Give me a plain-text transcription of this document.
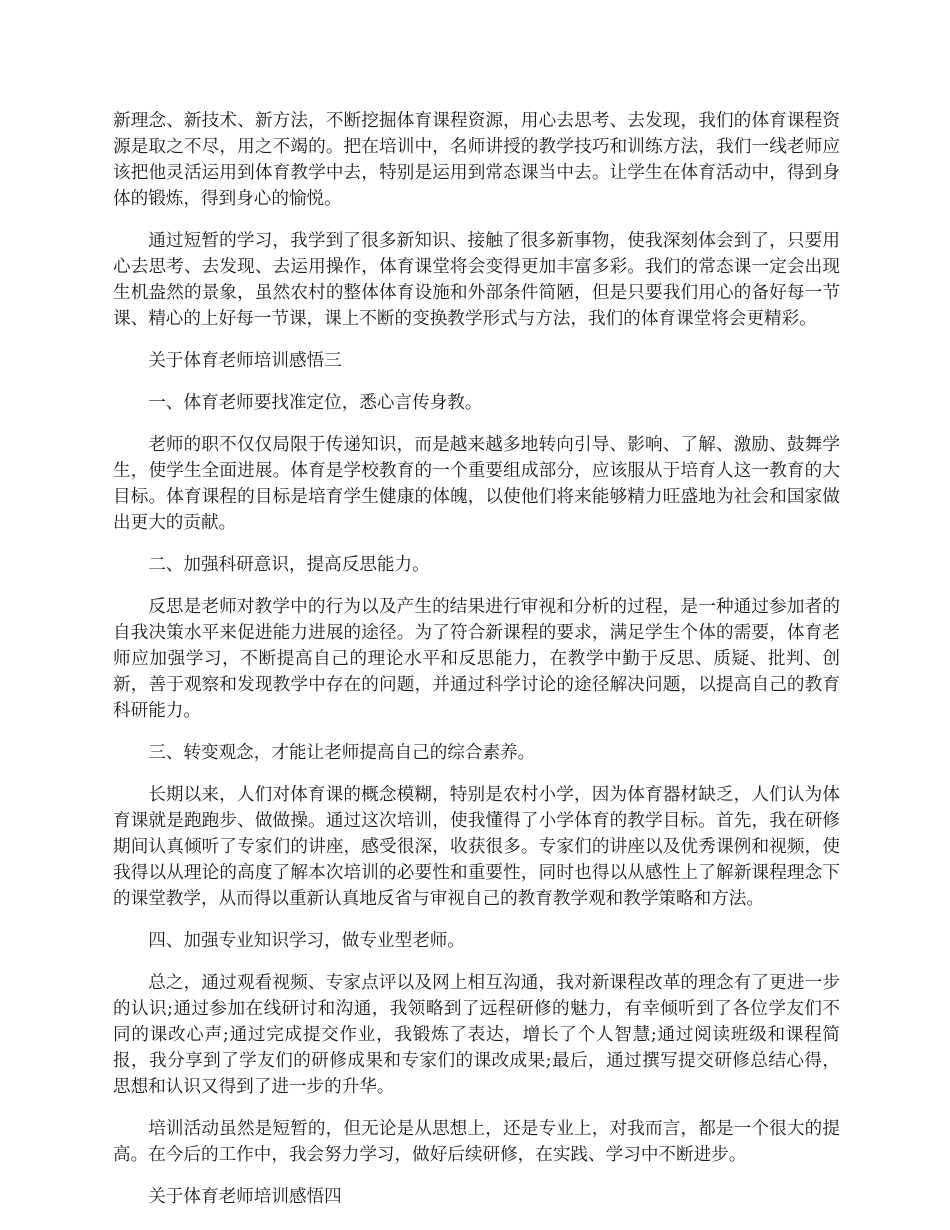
新理念、新技术、新方法，不断挖掘体育课程资源，用心去思考、去发现，我们的体育课程资源是取之不尽，用之不竭的。把在培训中，名师讲授的教学技巧和训练方法，我们一线老师应该把他灵活运用到体育教学中去，特别是运用到常态课当中去。让学生在体育活动中，得到身体的锻炼，得到身心的愉悦。

通过短暂的学习，我学到了很多新知识、接触了很多新事物，使我深刻体会到了，只要用心去思考、去发现、去运用操作，体育课堂将会变得更加丰富多彩。我们的常态课一定会出现生机盎然的景象，虽然农村的整体体育设施和外部条件简陋，但是只要我们用心的备好每一节课、精心的上好每一节课，课上不断的变换教学形式与方法，我们的体育课堂将会更精彩。

关于体育老师培训感悟三

一、体育老师要找准定位，悉心言传身教。

老师的职不仅仅局限于传递知识，而是越来越多地转向引导、影响、了解、激励、鼓舞学生，使学生全面进展。体育是学校教育的一个重要组成部分，应该服从于培育人这一教育的大目标。体育课程的目标是培育学生健康的体魄，以使他们将来能够精力旺盛地为社会和国家做出更大的贡献。

二、加强科研意识，提高反思能力。

反思是老师对教学中的行为以及产生的结果进行审视和分析的过程，是一种通过参加者的自我决策水平来促进能力进展的途径。为了符合新课程的要求，满足学生个体的需要，体育老师应加强学习，不断提高自己的理论水平和反思能力，在教学中勤于反思、质疑、批判、创新，善于观察和发现教学中存在的问题，并通过科学讨论的途径解决问题，以提高自己的教育科研能力。

三、转变观念，才能让老师提高自己的综合素养。

长期以来，人们对体育课的概念模糊，特别是农村小学，因为体育器材缺乏，人们认为体育课就是跑跑步、做做操。通过这次培训，使我懂得了小学体育的教学目标。首先，我在研修期间认真倾听了专家们的讲座，感受很深，收获很多。专家们的讲座以及优秀课例和视频，使我得以从理论的高度了解本次培训的必要性和重要性，同时也得以从感性上了解新课程理念下的课堂教学，从而得以重新认真地反省与审视自己的教育教学观和教学策略和方法。

四、加强专业知识学习，做专业型老师。

总之，通过观看视频、专家点评以及网上相互沟通，我对新课程改革的理念有了更进一步的认识;通过参加在线研讨和沟通，我领略到了远程研修的魅力，有幸倾听到了各位学友们不同的课改心声;通过完成提交作业，我锻炼了表达，增长了个人智慧;通过阅读班级和课程简报，我分享到了学友们的研修成果和专家们的课改成果;最后，通过撰写提交研修总结心得，思想和认识又得到了进一步的升华。

培训活动虽然是短暂的，但无论是从思想上，还是专业上，对我而言，都是一个很大的提高。在今后的工作中，我会努力学习，做好后续研修，在实践、学习中不断进步。

关于体育老师培训感悟四
